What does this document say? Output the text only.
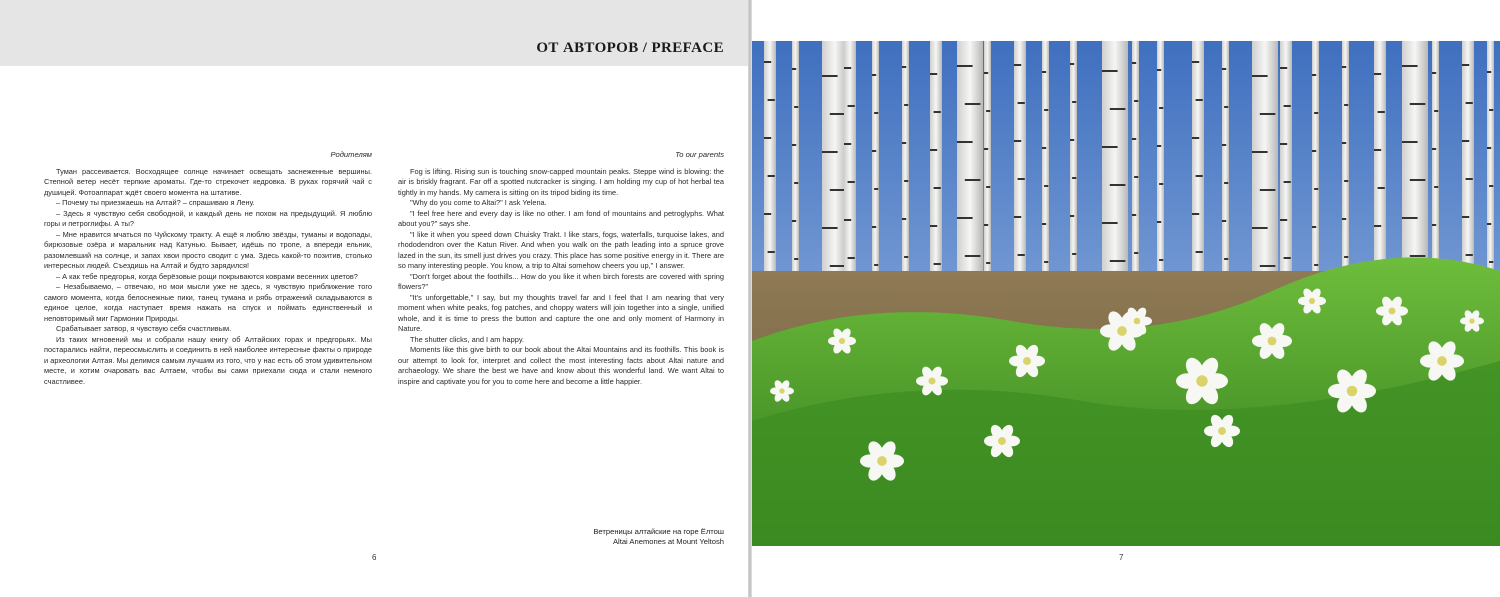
ОТ АВТОРОВ / PREFACE
Родителям

Туман рассеивается. Восходящее солнце начинает освещать заснеженные вершины. Степной ветер несёт терпкие ароматы. Где-то стрекочет кедровка. В руках горячий чай с душицей. Фотоаппарат ждёт своего момента на штативе.

– Почему ты приезжаешь на Алтай? – спрашиваю я Лену.

– Здесь я чувствую себя свободной, и каждый день не похож на предыдущий. Я люблю горы и петроглифы. А ты?

– Мне нравится мчаться по Чуйскому тракту. А ещё я люблю звёзды, туманы и водопады, бирюзовые озёра и маральник над Катунью. Бывает, идёшь по тропе, а впереди ельник, разомлевший на солнце, и запах хвои просто сводит с ума. Здесь какой-то позитив, столько интересных людей. Съездишь на Алтай и будто зарядился!

– А как тебе предгорья, когда берёзовые рощи покрываются коврами весенних цветов?

– Незабываемо, – отвечаю, но мои мысли уже не здесь, я чувствую приближение того самого момента, когда белоснежные пики, танец тумана и рябь отражений складываются в единое целое, когда наступает время нажать на спуск и поймать единственный и неповторимый миг Гармонии Природы.

Срабатывает затвор, я чувствую себя счастливым.

Из таких мгновений мы и собрали нашу книгу об Алтайских горах и предгорьях. Мы постарались найти, переосмыслить и соединить в ней наиболее интересные факты о природе и археологии Алтая. Мы делимся самым лучшим из того, что у нас есть об этом удивительном месте, и хотим очаровать вас Алтаем, чтобы вы сами приехали сюда и стали немного счастливее.

To our parents

Fog is lifting. Rising sun is touching snow-capped mountain peaks. Steppe wind is blowing: the air is briskly fragrant. Far off a spotted nutcracker is singing. I am holding my cup of hot herbal tea tightly in my hands. My camera is sitting on its tripod biding its time.

"Why do you come to Altai?" I ask Yelena.

"I feel free here and every day is like no other. I am fond of mountains and petroglyphs. What about you?" says she.

"I like it when you speed down Chuisky Trakt. I like stars, fogs, waterfalls, turquoise lakes, and rhododendron over the Katun River. And when you walk on the path leading into a spruce grove lazed in the sun, its smell just drives you crazy. This place has some positive energy in it. There are so many interesting people. You know, a trip to Altai somehow cheers you up," I answer.

"Don't forget about the foothills... How do you like it when birch forests are covered with spring flowers?"

"It's unforgettable," I say, but my thoughts travel far and I feel that I am nearing that very moment when white peaks, fog patches, and choppy waters will join together into a single, unified whole, and it is time to press the button and capture the one and only moment of Harmony in Nature.

The shutter clicks, and I am happy.

Moments like this give birth to our book about the Altai Mountains and its foothills. This book is our attempt to look for, interpret and collect the most interesting facts about Altai nature and archaeology. We share the best we have and know about this wonderful land. We want Altai to inspire and captivate you for you to come here and become a little happier.

Ветреницы алтайские на горе Ёлтош
Altai Anemones at Mount Yeltosh
6	7
